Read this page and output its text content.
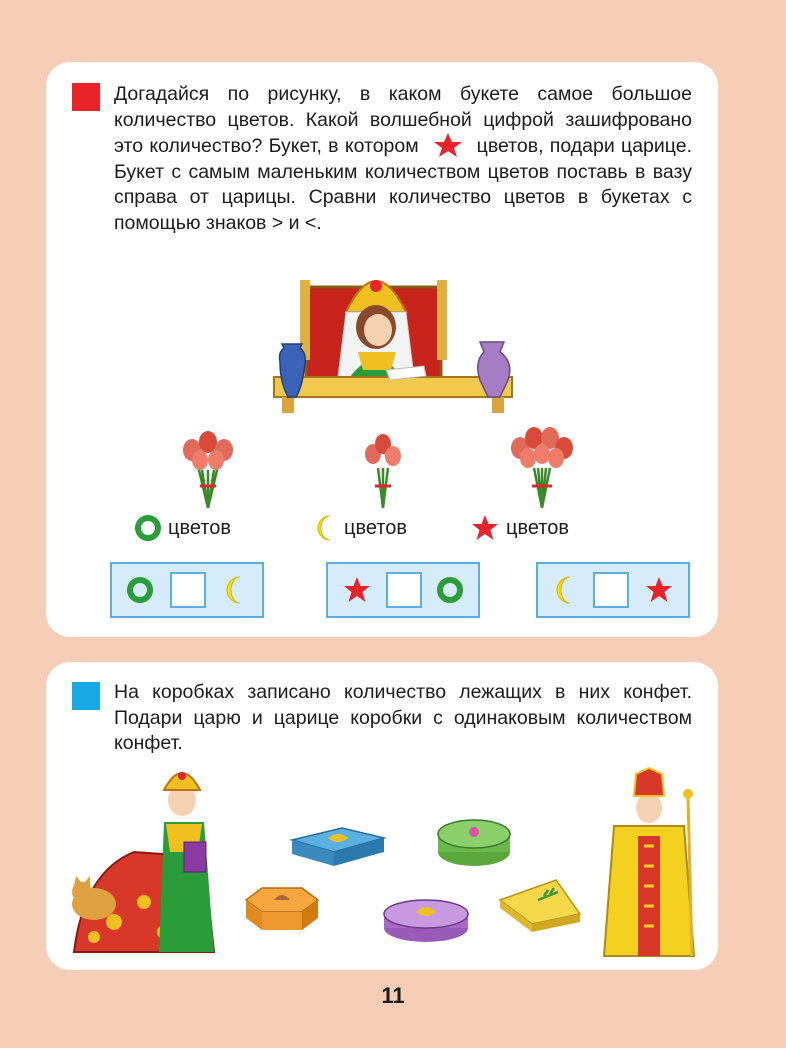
Догадайся по рисунку, в каком букете самое большое количество цветов. Какой волшебной цифрой зашифровано это количество? Букет, в котором	цветов, подари царице. Букет с самым маленьким количеством цветов поставь в вазу справа от царицы. Сравни количество цветов в букетах с помощью знаков > и <.

цветов	цветов	цветов

На коробках записано количество лежащих в них конфет. Подари царю и царице коробки с одинаковым количеством конфет.

11
